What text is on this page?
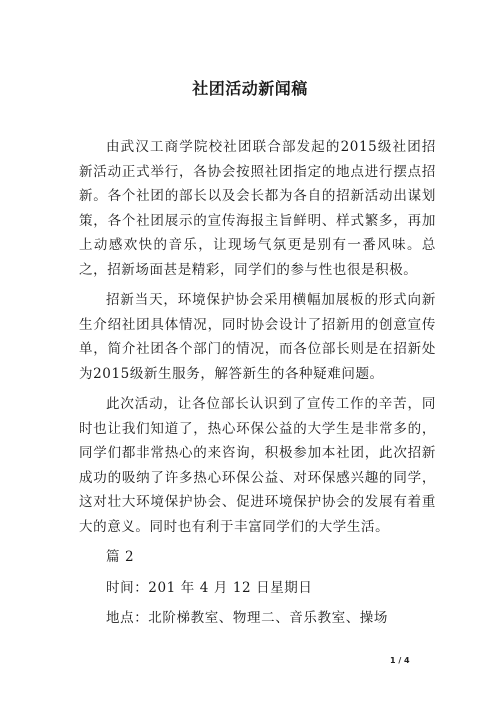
社团活动新闻稿

由武汉工商学院校社团联合部发起的2015级社团招新活动正式举行，各协会按照社团指定的地点进行摆点招新。各个社团的部长以及会长都为各自的招新活动出谋划策，各个社团展示的宣传海报主旨鲜明、样式繁多，再加上动感欢快的音乐，让现场气氛更是别有一番风味。总之，招新场面甚是精彩，同学们的参与性也很是积极。

招新当天，环境保护协会采用横幅加展板的形式向新生介绍社团具体情况，同时协会设计了招新用的创意宣传单，简介社团各个部门的情况，而各位部长则是在招新处为2015级新生服务，解答新生的各种疑难问题。

此次活动，让各位部长认识到了宣传工作的辛苦，同时也让我们知道了，热心环保公益的大学生是非常多的，同学们都非常热心的来咨询，积极参加本社团，此次招新成功的吸纳了许多热心环保公益、对环保感兴趣的同学，这对壮大环境保护协会、促进环境保护协会的发展有着重大的意义。同时也有利于丰富同学们的大学生活。

篇 2

时间：201 年 4 月 12 日星期日

地点：北阶梯教室、物理二、音乐教室、操场

1 / 4
